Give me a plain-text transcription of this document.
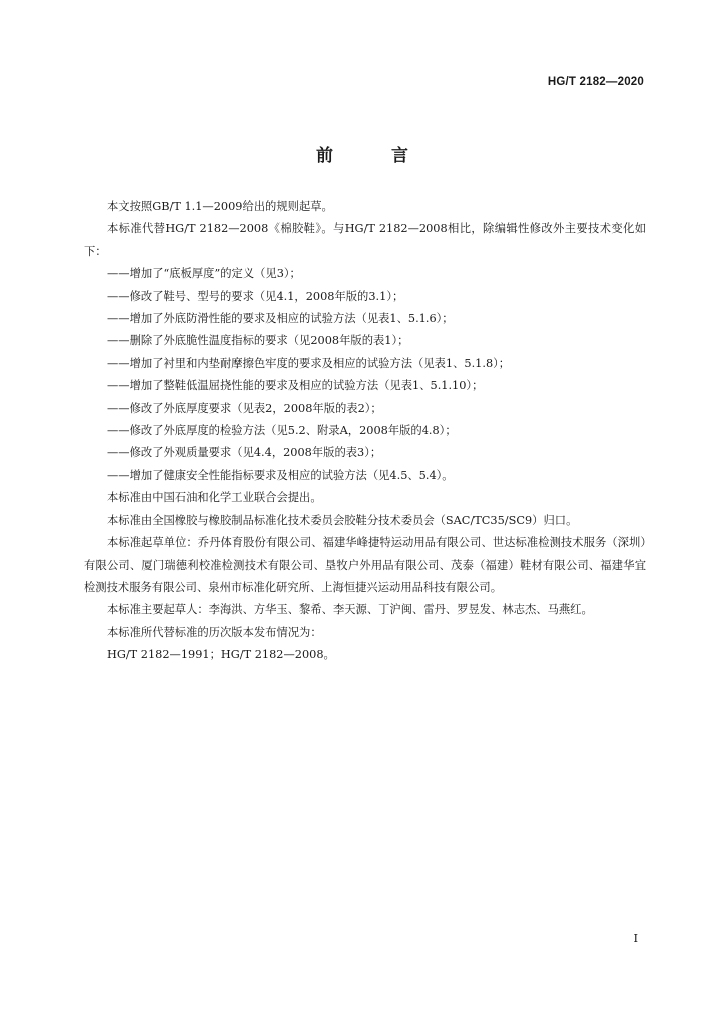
HG/T 2182—2020
前 言

本文按照GB/T 1.1—2009给出的规则起草。

本标准代替HG/T 2182—2008《棉胶鞋》。与HG/T 2182—2008相比，除编辑性修改外主要技术变化如下：

——增加了“底板厚度”的定义（见3）；

——修改了鞋号、型号的要求（见4.1，2008年版的3.1）；

——增加了外底防滑性能的要求及相应的试验方法（见表1、5.1.6）；

——删除了外底脆性温度指标的要求（见2008年版的表1）；

——增加了衬里和内垫耐摩擦色牢度的要求及相应的试验方法（见表1、5.1.8）；

——增加了整鞋低温屈挠性能的要求及相应的试验方法（见表1、5.1.10）；

——修改了外底厚度要求（见表2，2008年版的表2）；

——修改了外底厚度的检验方法（见5.2、附录A，2008年版的4.8）；

——修改了外观质量要求（见4.4，2008年版的表3）；

——增加了健康安全性能指标要求及相应的试验方法（见4.5、5.4）。

本标准由中国石油和化学工业联合会提出。

本标准由全国橡胶与橡胶制品标准化技术委员会胶鞋分技术委员会（SAC/TC35/SC9）归口。

本标准起草单位：乔丹体育股份有限公司、福建华峰捷特运动用品有限公司、世达标准检测技术服务（深圳）有限公司、厦门瑞德利校准检测技术有限公司、垦牧户外用品有限公司、茂泰（福建）鞋材有限公司、福建华宜检测技术服务有限公司、泉州市标准化研究所、上海恒捷兴运动用品科技有限公司。

本标准主要起草人：李海洪、方华玉、黎希、李天源、丁沪闽、雷丹、罗昱发、林志杰、马燕红。

本标准所代替标准的历次版本发布情况为：

HG/T 2182—1991；HG/T 2182—2008。

I
